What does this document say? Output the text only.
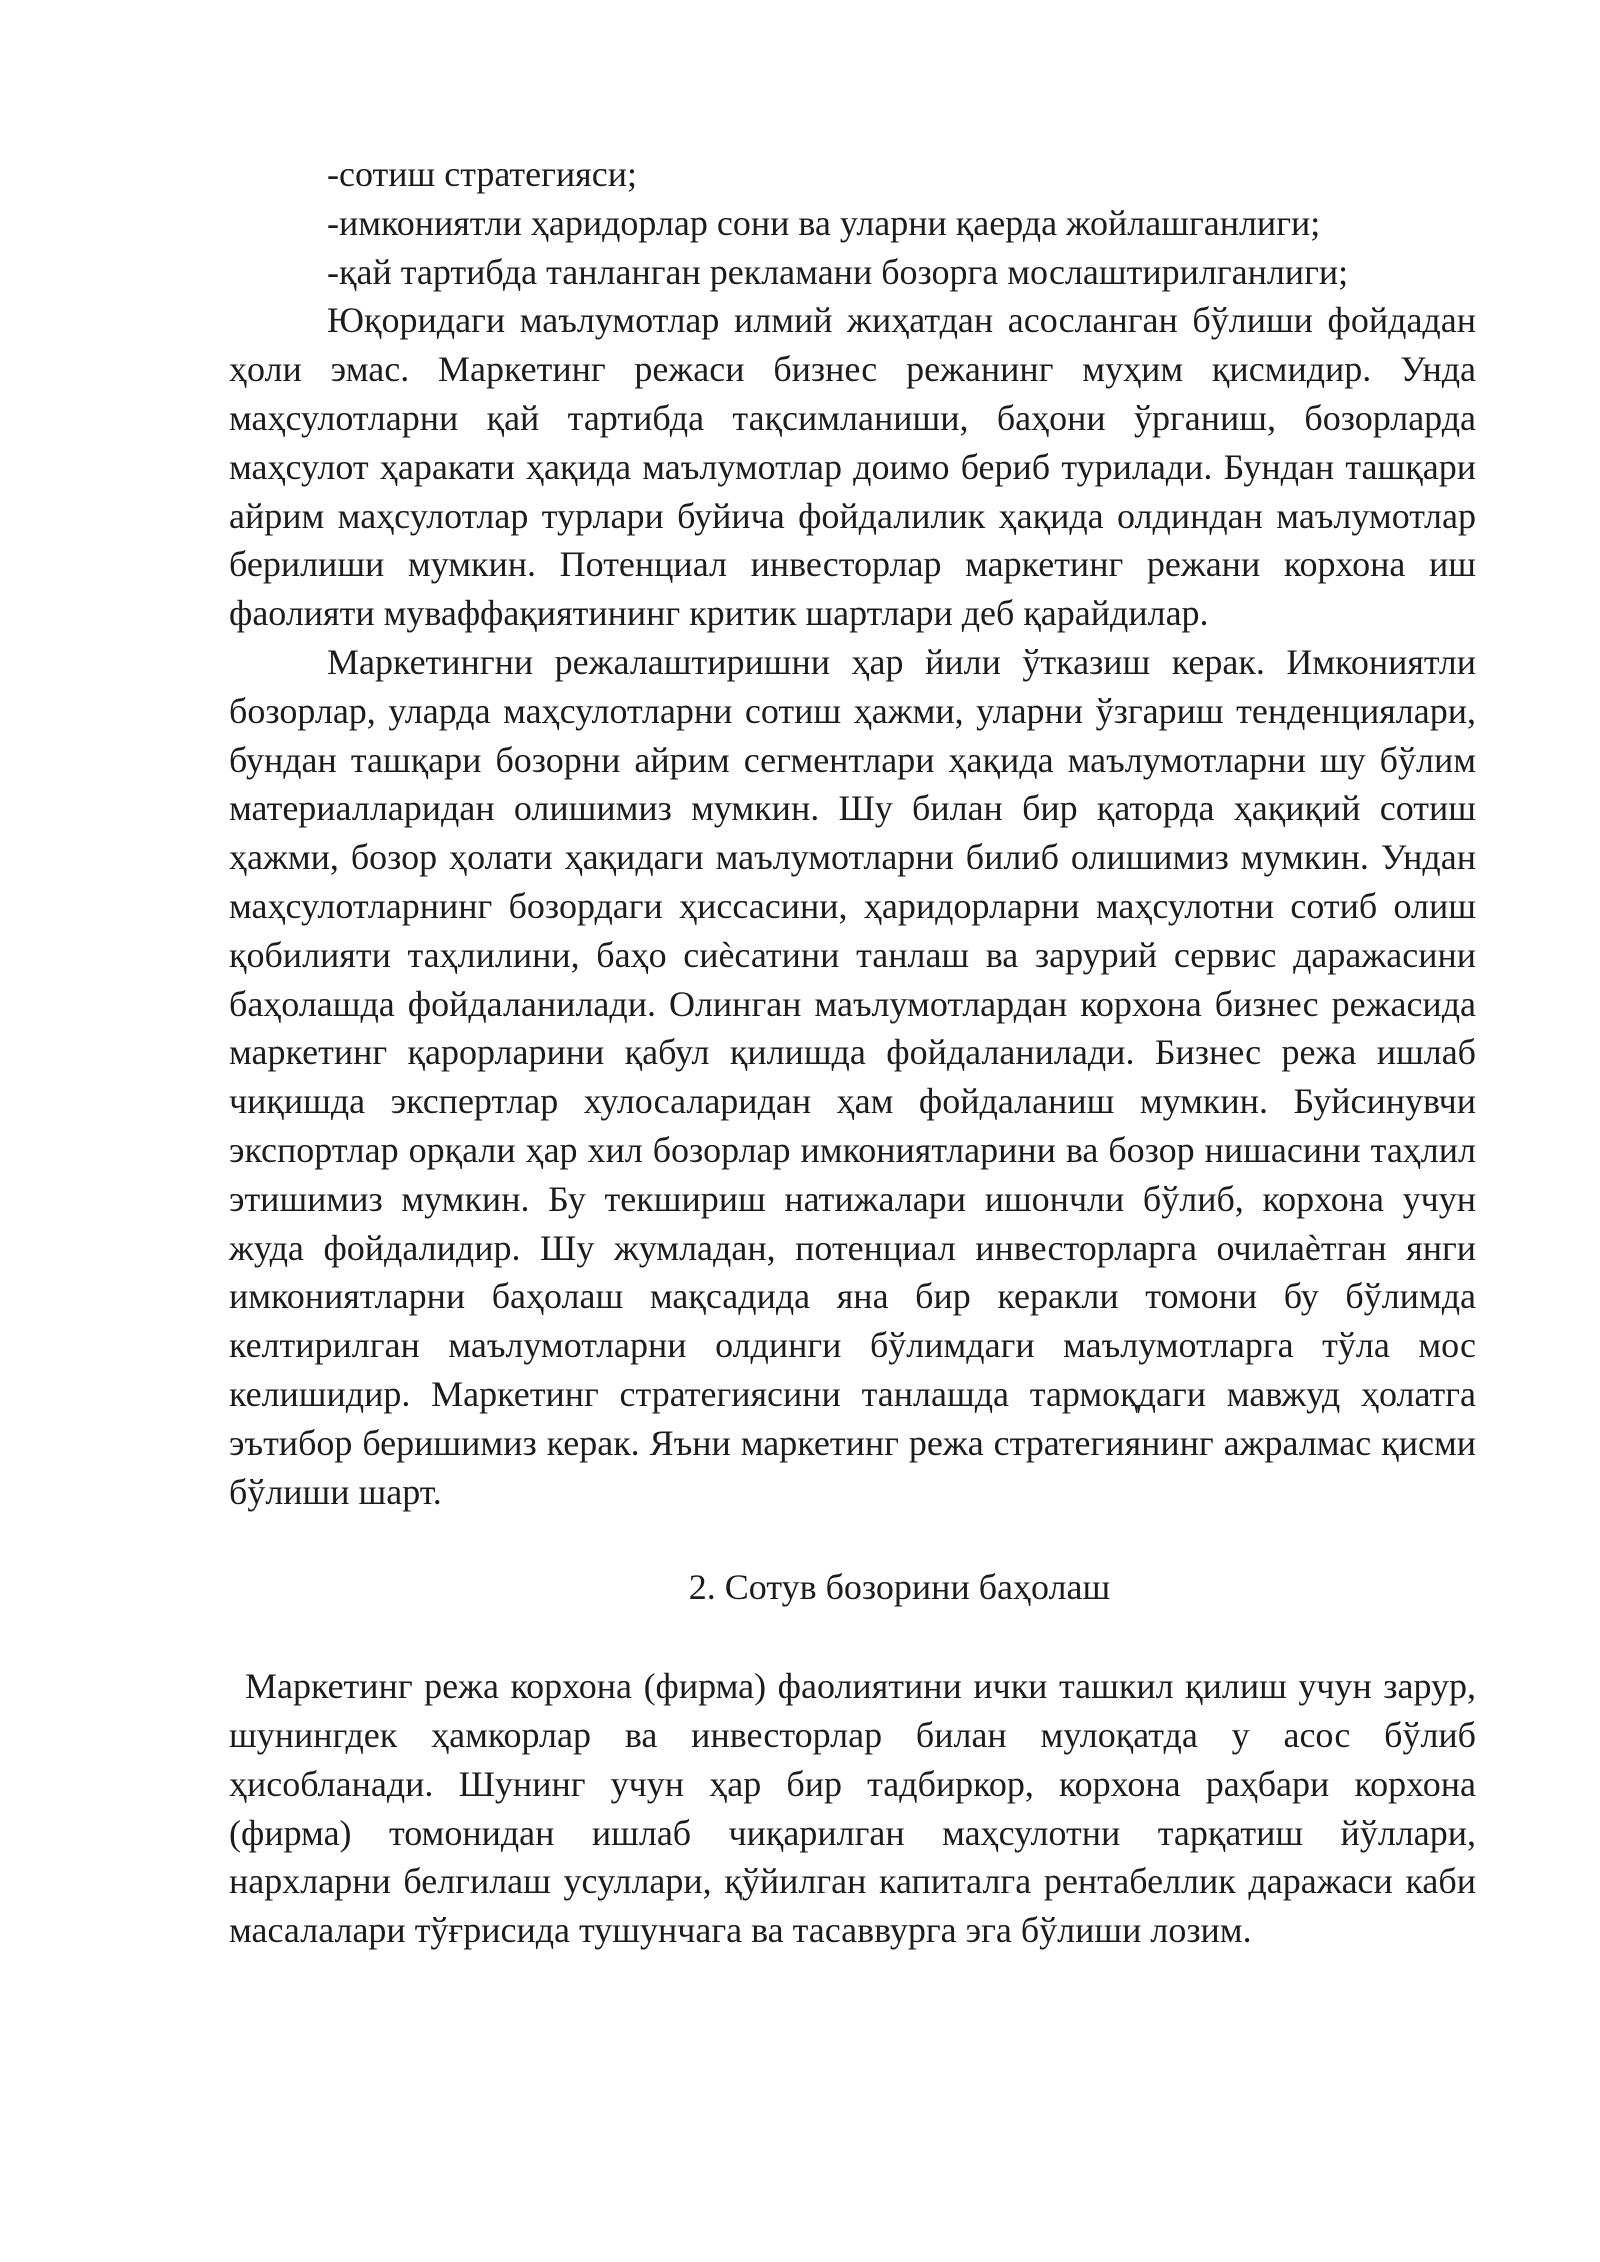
-сотиш стратегияси;

-имкониятли ҳаридорлар сони ва уларни қаерда жойлашганлиги;

-қай тартибда танланган рекламани бозорга мослаштирилганлиги;

Юқоридаги маълумотлар илмий жиҳатдан асосланган бўлиши фойдадан ҳоли эмас. Маркетинг режаси бизнес режанинг муҳим қисмидир. Унда маҳсулотларни қай тартибда тақсимланиши, баҳони ўрганиш, бозорларда маҳсулот ҳаракати ҳақида маълумотлар доимо бериб турилади. Бундан ташқари айрим маҳсулотлар турлари буйича фойдалилик ҳақида олдиндан маълумотлар берилиши мумкин. Потенциал инвесторлар маркетинг режани корхона иш фаолияти муваффақиятининг критик шартлари деб қарайдилар.

Маркетингни режалаштиришни ҳар йили ўтказиш керак. Имкониятли бозорлар, уларда маҳсулотларни сотиш ҳажми, уларни ўзгариш тенденциялари, бундан ташқари бозорни айрим сегментлари ҳақида маълумотларни шу бўлим материалларидан олишимиз мумкин. Шу билан бир қаторда ҳақиқий сотиш ҳажми, бозор ҳолати ҳақидаги маълумотларни билиб олишимиз мумкин. Ундан маҳсулотларнинг бозордаги ҳиссасини, ҳаридорларни маҳсулотни сотиб олиш қобилияти таҳлилини, баҳо сиѐсатини танлаш ва зарурий сервис даражасини баҳолашда фойдаланилади. Олинган маълумотлардан корхона бизнес режасида маркетинг қарорларини қабул қилишда фойдаланилади. Бизнес режа ишлаб чиқишда экспертлар хулосаларидан ҳам фойдаланиш мумкин. Буйсинувчи экспортлар орқали ҳар хил бозорлар имкониятларини ва бозор нишасини таҳлил этишимиз мумкин. Бу текшириш натижалари ишончли бўлиб, корхона учун жуда фойдалидир. Шу жумладан, потенциал инвесторларга очилаѐтган янги имкониятларни баҳолаш мақсадида яна бир керакли томони бу бўлимда келтирилган маълумотларни олдинги бўлимдаги маълумотларга тўла мос келишидир. Маркетинг стратегиясини танлашда тармоқдаги мавжуд ҳолатга эътибор беришимиз керак. Яъни маркетинг режа стратегиянинг ажралмас қисми бўлиши шарт.

2. Сотув бозорини баҳолаш

Маркетинг режа корхона (фирма) фаолиятини ички ташкил қилиш учун зарур, шунингдек ҳамкорлар ва инвесторлар билан мулоқатда у асос бўлиб ҳисобланади. Шунинг учун ҳар бир тадбиркор, корхона раҳбари корхона (фирма) томонидан ишлаб чиқарилган маҳсулотни тарқатиш йўллари, нархларни белгилаш усуллари, қўйилган капиталга рентабеллик даражаси каби масалалари тўғрисида тушунчага ва тасаввурга эга бўлиши лозим.
